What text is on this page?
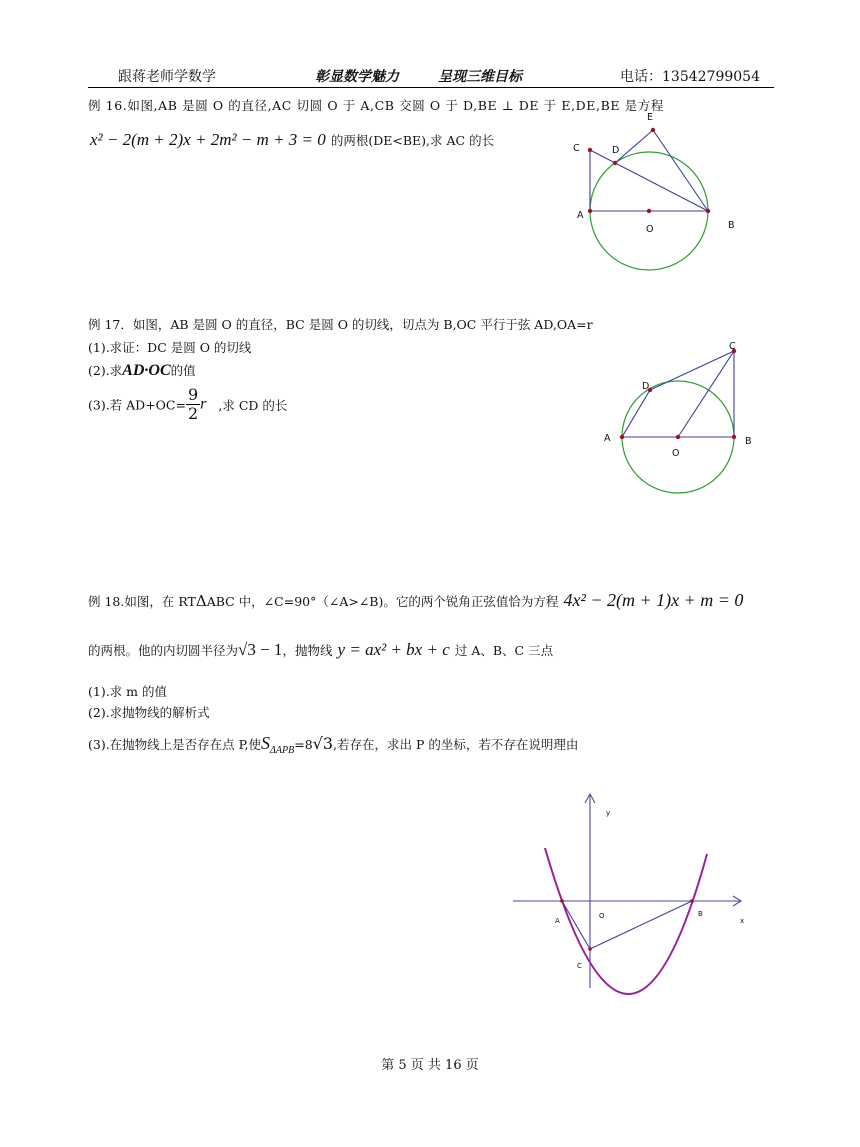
跟蒋老师学数学	彰显数学魅力	呈现三维目标	电话：13542799054
例 16.如图,AB 是圆 O 的直径,AC 切圆 O 于 A,CB 交圆 O 于 D,BE ⊥ DE 于 E,DE,BE 是方程
x² − 2(m + 2)x + 2m² − m + 3 = 0 的两根(DE<BE),求 AC 的长
E
C	D
A
O	B
例 17．如图，AB 是圆 O 的直径，BC 是圆 O 的切线，切点为 B,OC 平行于弦 AD,OA=r
(1).求证：DC 是圆 O 的切线
(2).求AD·OC的值
(3).若 $AD+OC= \frac{9}{2}$ r ,求 CD 的长
C
D
A
O
B
例 18.如图，在 RTΔABC 中，∠C=90°（∠A>∠B)。它的两个锐角正弦值恰为方程 4x² − 2(m + 1)x + m = 0
的两根。他的内切圆半径为√3 − 1，抛物线 y = ax² + bx + c 过 A、B、C 三点
(1).求 m 的值
(2).求抛物线的解析式
(3).在抛物线上是否存在点 P,使$S_{\Delta APB}=8√3$,若存在，求出 P 的坐标，若不存在说明理由
y
x
A
O	B
C
第 5 页 共 16 页
